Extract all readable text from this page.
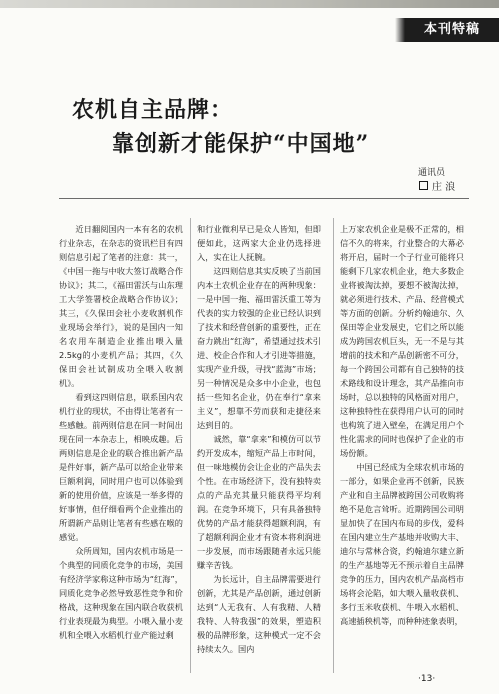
本刊特稿
农机自主品牌：
靠创新才能保护“中国地”
通讯员
庄 浪

近日翻阅国内一本有名的农机行业杂志，在杂志的资讯栏目有四则信息引起了笔者的注意：其一，《中国一拖与中收大签订战略合作协议》；其二，《福田雷沃与山东理工大学签署校企战略合作协议》；其三，《久保田会社小麦收割机作业现场会举行》，说的是国内一知名农用车制造企业推出喂入量2.5kg的小麦机产品；其四，《久保田会社试制成功全喂入收割机》。

看到这四则信息，联系国内农机行业的现状，不由得让笔者有一些感触。前两则信息在同一时间出现在同一本杂志上，相映成趣。后两则信息是企业的联合推出新产品是件好事，新产品可以给企业带来巨额利润，同时用户也可以体验到新的使用价值，应该是一举多得的好事情，但仔细看两个企业推出的所谓新产品则让笔者有些感在喉的感觉。

众所周知，国内农机市场是一个典型的同质化竞争的市场，美国有经济学家称这种市场为“红海”，同质化竞争必然导致恶性竞争和价格战，这种现象在国内联合收获机行业表现最为典型。小喂入量小麦机和全喂入水稻机行业产能过剩

和行业微利早已是众人皆知，但即便如此，这两家大企业仍选择进入，实在让人抚腕。

这四则信息其实反映了当前国内本土农机企业存在的两种现象：一是中国一拖、福田雷沃重工等为代表的实力较强的企业已经认识到了技术和经营创新的重要性，正在奋力跳出“红海”，希望通过技术引进、校企合作和人才引进等措施，实现产业升级，寻找“蓝海”市场；另一种情况是众多中小企业，也包括一些知名企业，仍在奉行“拿来主义”，想靠不劳而获和走捷径来达到目的。

诚然，靠“拿来”和模仿可以节约开发成本，缩短产品上市时间，但一味地模仿会让企业的产品失去个性。在市场经济下，没有独特卖点的产品充其量只能获得平均利润。在竞争环境下，只有具备独特优势的产品才能获得超额利润，有了超额利润企业才有资本将利润进一步发展，而市场跟随者永远只能赚辛苦钱。

为长远计，自主品牌需要进行创新，尤其是产品创新，通过创新达到“人无我有、人有我精、人精我特、人特我强”的效果，塑造积极的品牌形象，这种模式一定不会持续太久。国内

上万家农机企业是极不正常的，相信不久的将来，行业整合的大幕必将开启，届时一个子行业可能将只能剩下几家农机企业，绝大多数企业将被淘汰掉，要想不被淘汰掉，就必须进行技术、产品、经营模式等方面的创新。分析约翰迪尔、久保田等企业发展史，它们之所以能成为跨国农机巨头，无一不是与其增前的技术和产品创新密不可分，每一个跨国公司都有自己独特的技术路线和设计理念，其产品推向市场时，总以独特的风格面对用户，这种独特性在获得用户认可的同时也构筑了进入壁垒，在满足用户个性化需求的同时也保护了企业的市场份额。

中国已经成为全球农机市场的一部分，如果企业再不创新，民族产业和自主品牌被跨国公司收购将绝不是危言耸听。近期跨国公司明显加快了在国内布局的步伐，爱科在国内建立生产基地并收购大丰、迪尔与常林合资，约翰迪尔建立新的生产基地等无不预示着自主品牌竞争的压力，国内农机产品高档市场将会沦陷，如大喂入量收获机、多行玉米收获机、牛喂入水稻机、高速插秧机等，而种种迹象表明，

·13·
